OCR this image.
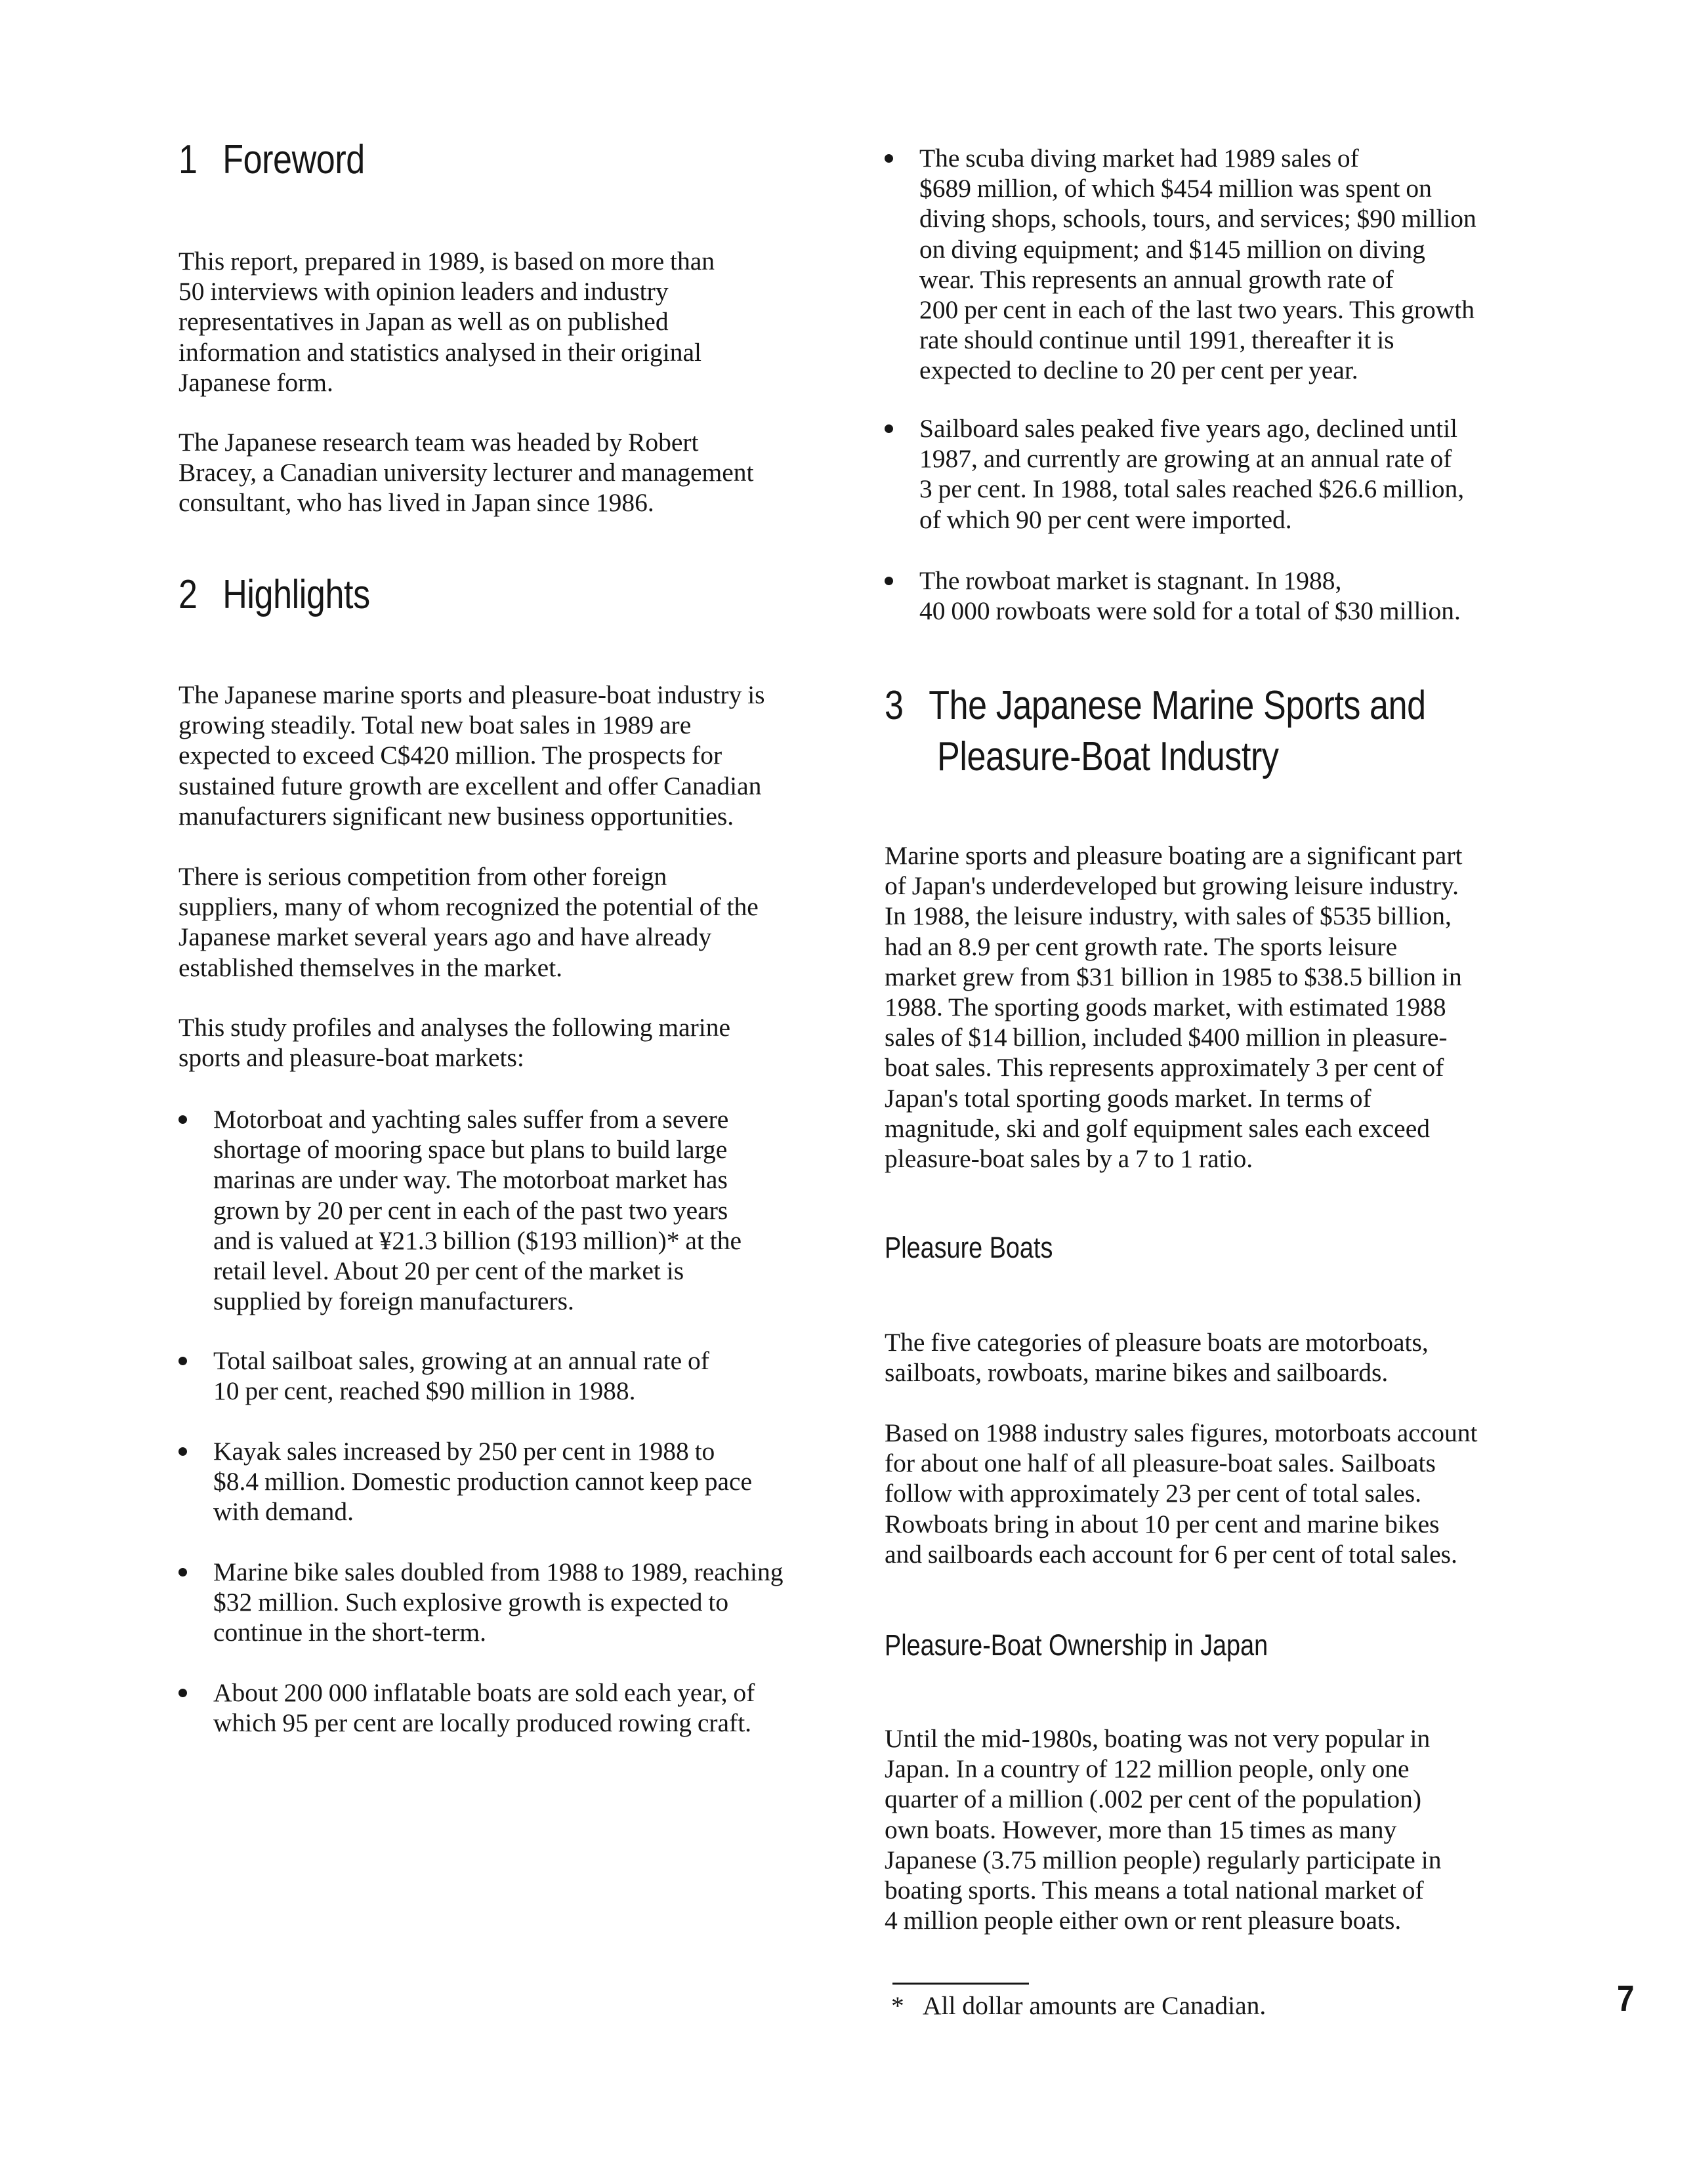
1 Foreword

This report, prepared in 1989, is based on more than
50 interviews with opinion leaders and industry
representatives in Japan as well as on published
information and statistics analysed in their original
Japanese form.

The Japanese research team was headed by Robert
Bracey, a Canadian university lecturer and management
consultant, who has lived in Japan since 1986.

2 Highlights

The Japanese marine sports and pleasure-boat industry is
growing steadily. Total new boat sales in 1989 are
expected to exceed C$420 million. The prospects for
sustained future growth are excellent and offer Canadian
manufacturers significant new business opportunities.

There is serious competition from other foreign
suppliers, many of whom recognized the potential of the
Japanese market several years ago and have already
established themselves in the market.

This study profiles and analyses the following marine
sports and pleasure-boat markets:

Motorboat and yachting sales suffer from a severe
shortage of mooring space but plans to build large
marinas are under way. The motorboat market has
grown by 20 per cent in each of the past two years
and is valued at ¥21.3 billion ($193 million)* at the
retail level. About 20 per cent of the market is
supplied by foreign manufacturers.
Total sailboat sales, growing at an annual rate of
10 per cent, reached $90 million in 1988.
Kayak sales increased by 250 per cent in 1988 to
$8.4 million. Domestic production cannot keep pace
with demand.
Marine bike sales doubled from 1988 to 1989, reaching
$32 million. Such explosive growth is expected to
continue in the short-term.
About 200 000 inflatable boats are sold each year, of
which 95 per cent are locally produced rowing craft.
The scuba diving market had 1989 sales of
$689 million, of which $454 million was spent on
diving shops, schools, tours, and services; $90 million
on diving equipment; and $145 million on diving
wear. This represents an annual growth rate of
200 per cent in each of the last two years. This growth
rate should continue until 1991, thereafter it is
expected to decline to 20 per cent per year.
Sailboard sales peaked five years ago, declined until
1987, and currently are growing at an annual rate of
3 per cent. In 1988, total sales reached $26.6 million,
of which 90 per cent were imported.
The rowboat market is stagnant. In 1988,
40 000 rowboats were sold for a total of $30 million.
3 The Japanese Marine Sports and
Pleasure-Boat Industry

Marine sports and pleasure boating are a significant part
of Japan's underdeveloped but growing leisure industry.
In 1988, the leisure industry, with sales of $535 billion,
had an 8.9 per cent growth rate. The sports leisure
market grew from $31 billion in 1985 to $38.5 billion in
1988. The sporting goods market, with estimated 1988
sales of $14 billion, included $400 million in pleasure-
boat sales. This represents approximately 3 per cent of
Japan's total sporting goods market. In terms of
magnitude, ski and golf equipment sales each exceed
pleasure-boat sales by a 7 to 1 ratio.

Pleasure Boats

The five categories of pleasure boats are motorboats,
sailboats, rowboats, marine bikes and sailboards.

Based on 1988 industry sales figures, motorboats account
for about one half of all pleasure-boat sales. Sailboats
follow with approximately 23 per cent of total sales.
Rowboats bring in about 10 per cent and marine bikes
and sailboards each account for 6 per cent of total sales.

Pleasure-Boat Ownership in Japan

Until the mid-1980s, boating was not very popular in
Japan. In a country of 122 million people, only one
quarter of a million (.002 per cent of the population)
own boats. However, more than 15 times as many
Japanese (3.75 million people) regularly participate in
boating sports. This means a total national market of
4 million people either own or rent pleasure boats.

* All dollar amounts are Canadian.	7
